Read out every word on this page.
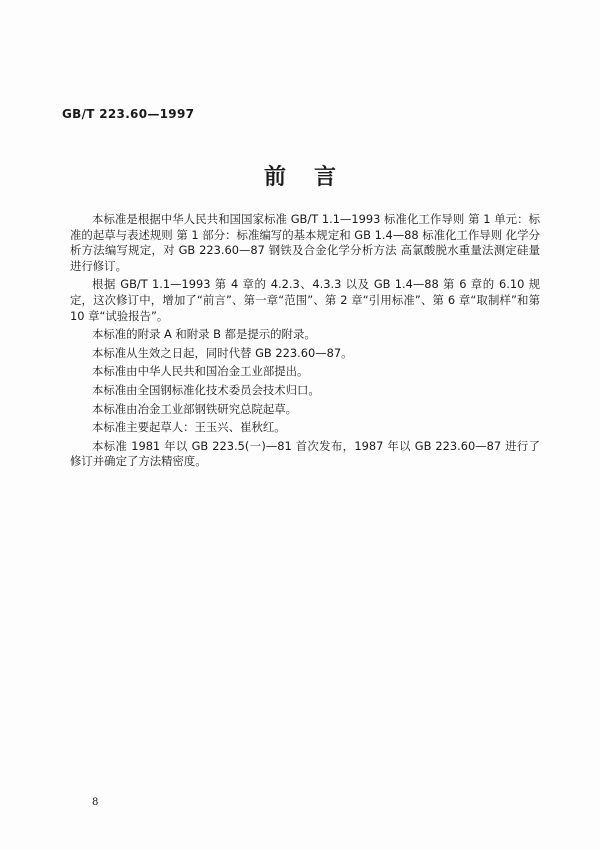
GB/T 223.60—1997
前言

本标准是根据中华人民共和国国家标准 GB/T 1.1—1993 标准化工作导则 第 1 单元：标准的起草与表述规则 第 1 部分：标准编写的基本规定和 GB 1.4—88 标准化工作导则 化学分析方法编写规定，对 GB 223.60—87 钢铁及合金化学分析方法 高氯酸脱水重量法测定硅量进行修订。

根据 GB/T 1.1—1993 第 4 章的 4.2.3、4.3.3 以及 GB 1.4—88 第 6 章的 6.10 规定，这次修订中，增加了“前言”、第一章“范围”、第 2 章“引用标准”、第 6 章“取制样”和第 10 章“试验报告”。

本标准的附录 A 和附录 B 都是提示的附录。

本标准从生效之日起，同时代替 GB 223.60—87。

本标准由中华人民共和国冶金工业部提出。

本标准由全国钢标准化技术委员会技术归口。

本标准由冶金工业部钢铁研究总院起草。

本标准主要起草人：王玉兴、崔秋红。

本标准 1981 年以 GB 223.5(一)—81 首次发布，1987 年以 GB 223.60—87 进行了修订并确定了方法精密度。

8
